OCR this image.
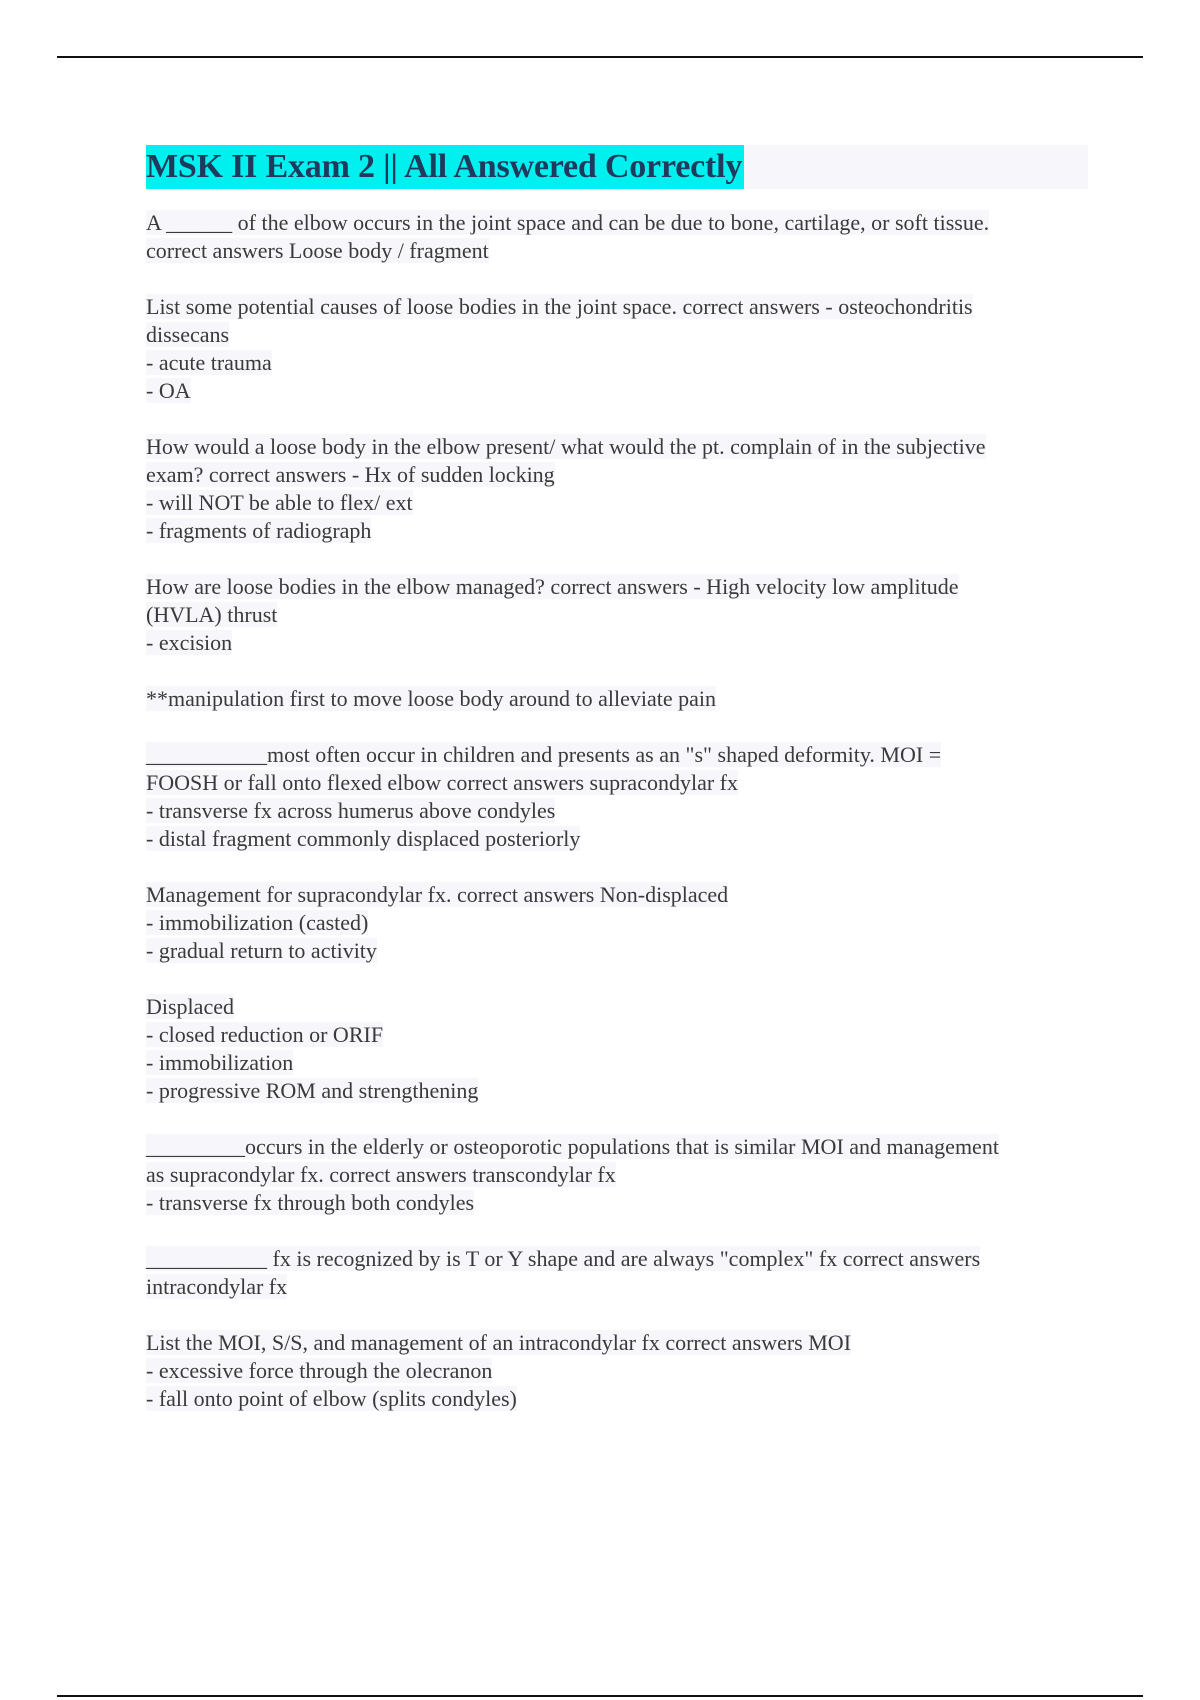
MSK II Exam 2 || All Answered Correctly
A ______ of the elbow occurs in the joint space and can be due to bone, cartilage, or soft tissue.
correct answers Loose body / fragment
List some potential causes of loose bodies in the joint space. correct answers - osteochondritis
dissecans
- acute trauma
- OA
How would a loose body in the elbow present/ what would the pt. complain of in the subjective
exam? correct answers - Hx of sudden locking
- will NOT be able to flex/ ext
- fragments of radiograph
How are loose bodies in the elbow managed? correct answers - High velocity low amplitude
(HVLA) thrust
- excision
**manipulation first to move loose body around to alleviate pain
___________most often occur in children and presents as an "s" shaped deformity. MOI =
FOOSH or fall onto flexed elbow correct answers supracondylar fx
- transverse fx across humerus above condyles
- distal fragment commonly displaced posteriorly
Management for supracondylar fx. correct answers Non-displaced
- immobilization (casted)
- gradual return to activity
Displaced
- closed reduction or ORIF
- immobilization
- progressive ROM and strengthening
_________occurs in the elderly or osteoporotic populations that is similar MOI and management
as supracondylar fx. correct answers transcondylar fx
- transverse fx through both condyles
___________ fx is recognized by is T or Y shape and are always "complex" fx correct answers
intracondylar fx
List the MOI, S/S, and management of an intracondylar fx correct answers MOI
- excessive force through the olecranon
- fall onto point of elbow (splits condyles)
